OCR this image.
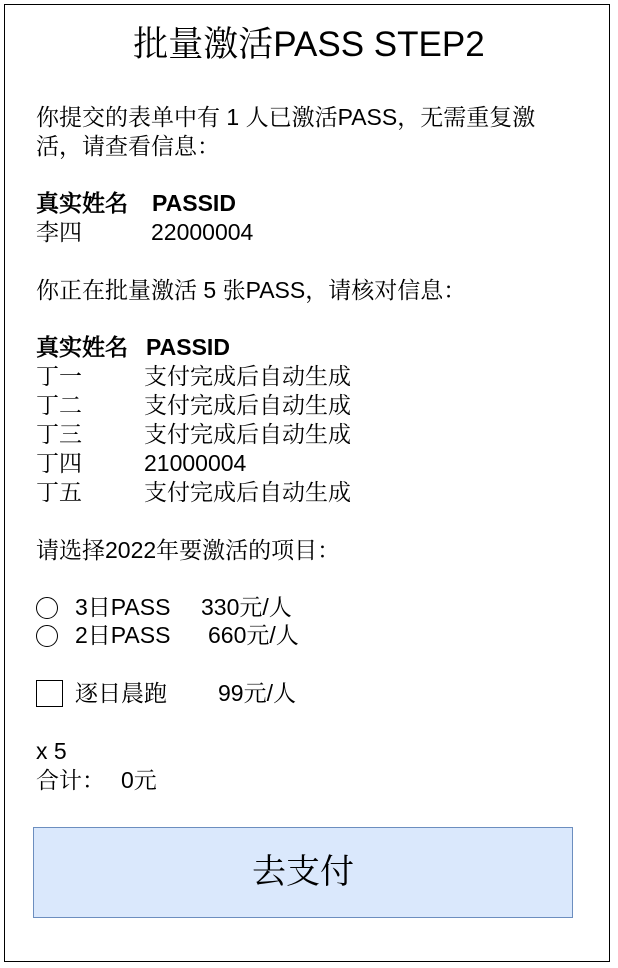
批量激活PASS STEP2
你提交的表单中有 1 人已激活PASS，无需重复激活，请查看信息：
真实姓名 PASSID
李四	22000004
你正在批量激活 5 张PASS，请核对信息：
真实姓名 PASSID
丁一	支付完成后自动生成
丁二	支付完成后自动生成
丁三	支付完成后自动生成
丁四	21000004
丁五	支付完成后自动生成
请选择2022年要激活的项目：
3日PASS 330元/人
2日PASS 660元/人
逐日晨跑 99元/人
x 5
合计： 0元
去支付
